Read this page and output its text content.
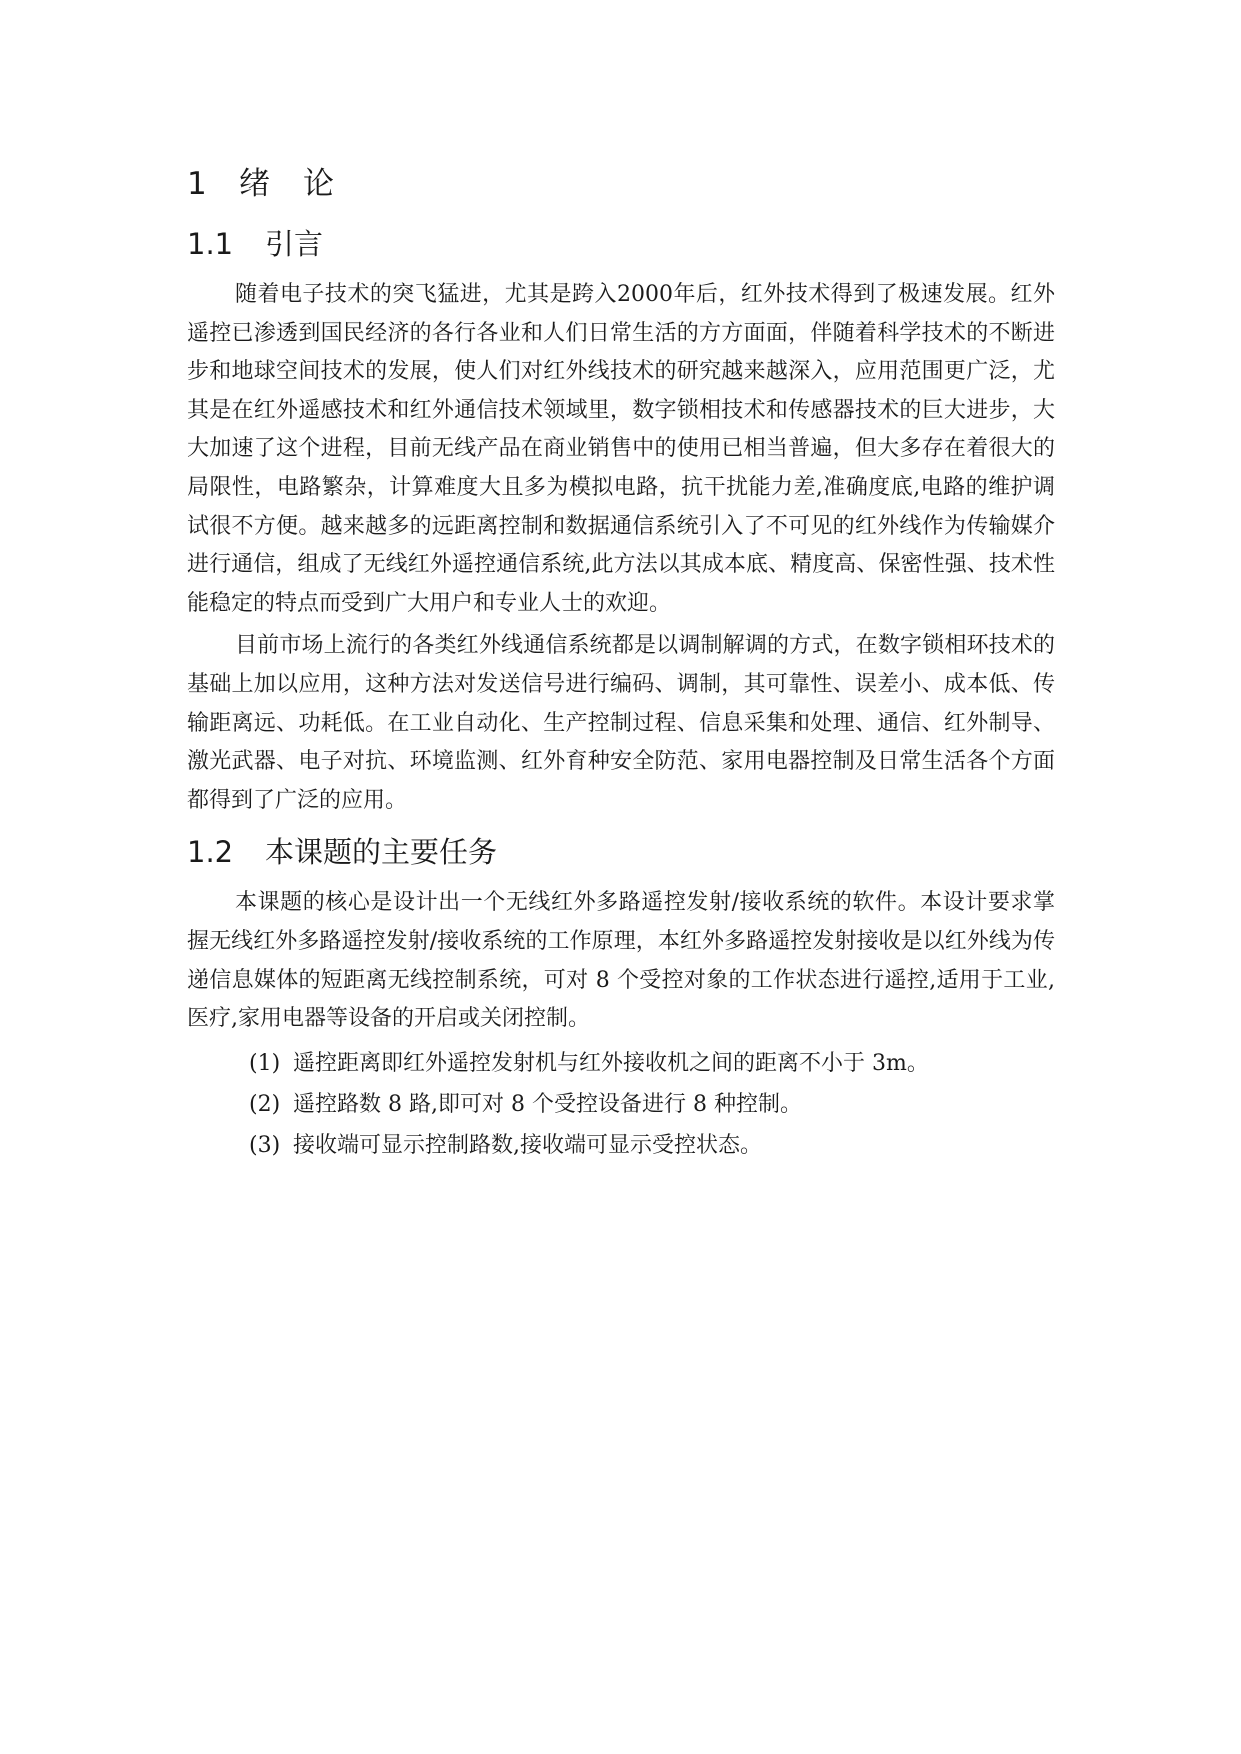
1 绪 论
1.1 引言

随着电子技术的突飞猛进，尤其是跨入2000年后，红外技术得到了极速发展。红外遥控已渗透到国民经济的各行各业和人们日常生活的方方面面，伴随着科学技术的不断进步和地球空间技术的发展，使人们对红外线技术的研究越来越深入，应用范围更广泛，尤其是在红外遥感技术和红外通信技术领域里，数字锁相技术和传感器技术的巨大进步，大大加速了这个进程，目前无线产品在商业销售中的使用已相当普遍，但大多存在着很大的局限性，电路繁杂，计算难度大且多为模拟电路，抗干扰能力差,准确度底,电路的维护调试很不方便。越来越多的远距离控制和数据通信系统引入了不可见的红外线作为传输媒介进行通信，组成了无线红外遥控通信系统,此方法以其成本底、精度高、保密性强、技术性能稳定的特点而受到广大用户和专业人士的欢迎。

目前市场上流行的各类红外线通信系统都是以调制解调的方式，在数字锁相环技术的基础上加以应用，这种方法对发送信号进行编码、调制，其可靠性、误差小、成本低、传输距离远、功耗低。在工业自动化、生产控制过程、信息采集和处理、通信、红外制导、激光武器、电子对抗、环境监测、红外育种安全防范、家用电器控制及日常生活各个方面都得到了广泛的应用。

1.2 本课题的主要任务

本课题的核心是设计出一个无线红外多路遥控发射/接收系统的软件。本设计要求掌握无线红外多路遥控发射/接收系统的工作原理，本红外多路遥控发射接收是以红外线为传递信息媒体的短距离无线控制系统，可对 8 个受控对象的工作状态进行遥控,适用于工业,医疗,家用电器等设备的开启或关闭控制。

(1) 遥控距离即红外遥控发射机与红外接收机之间的距离不小于 3m。
(2) 遥控路数 8 路,即可对 8 个受控设备进行 8 种控制。
(3) 接收端可显示控制路数,接收端可显示受控状态。
